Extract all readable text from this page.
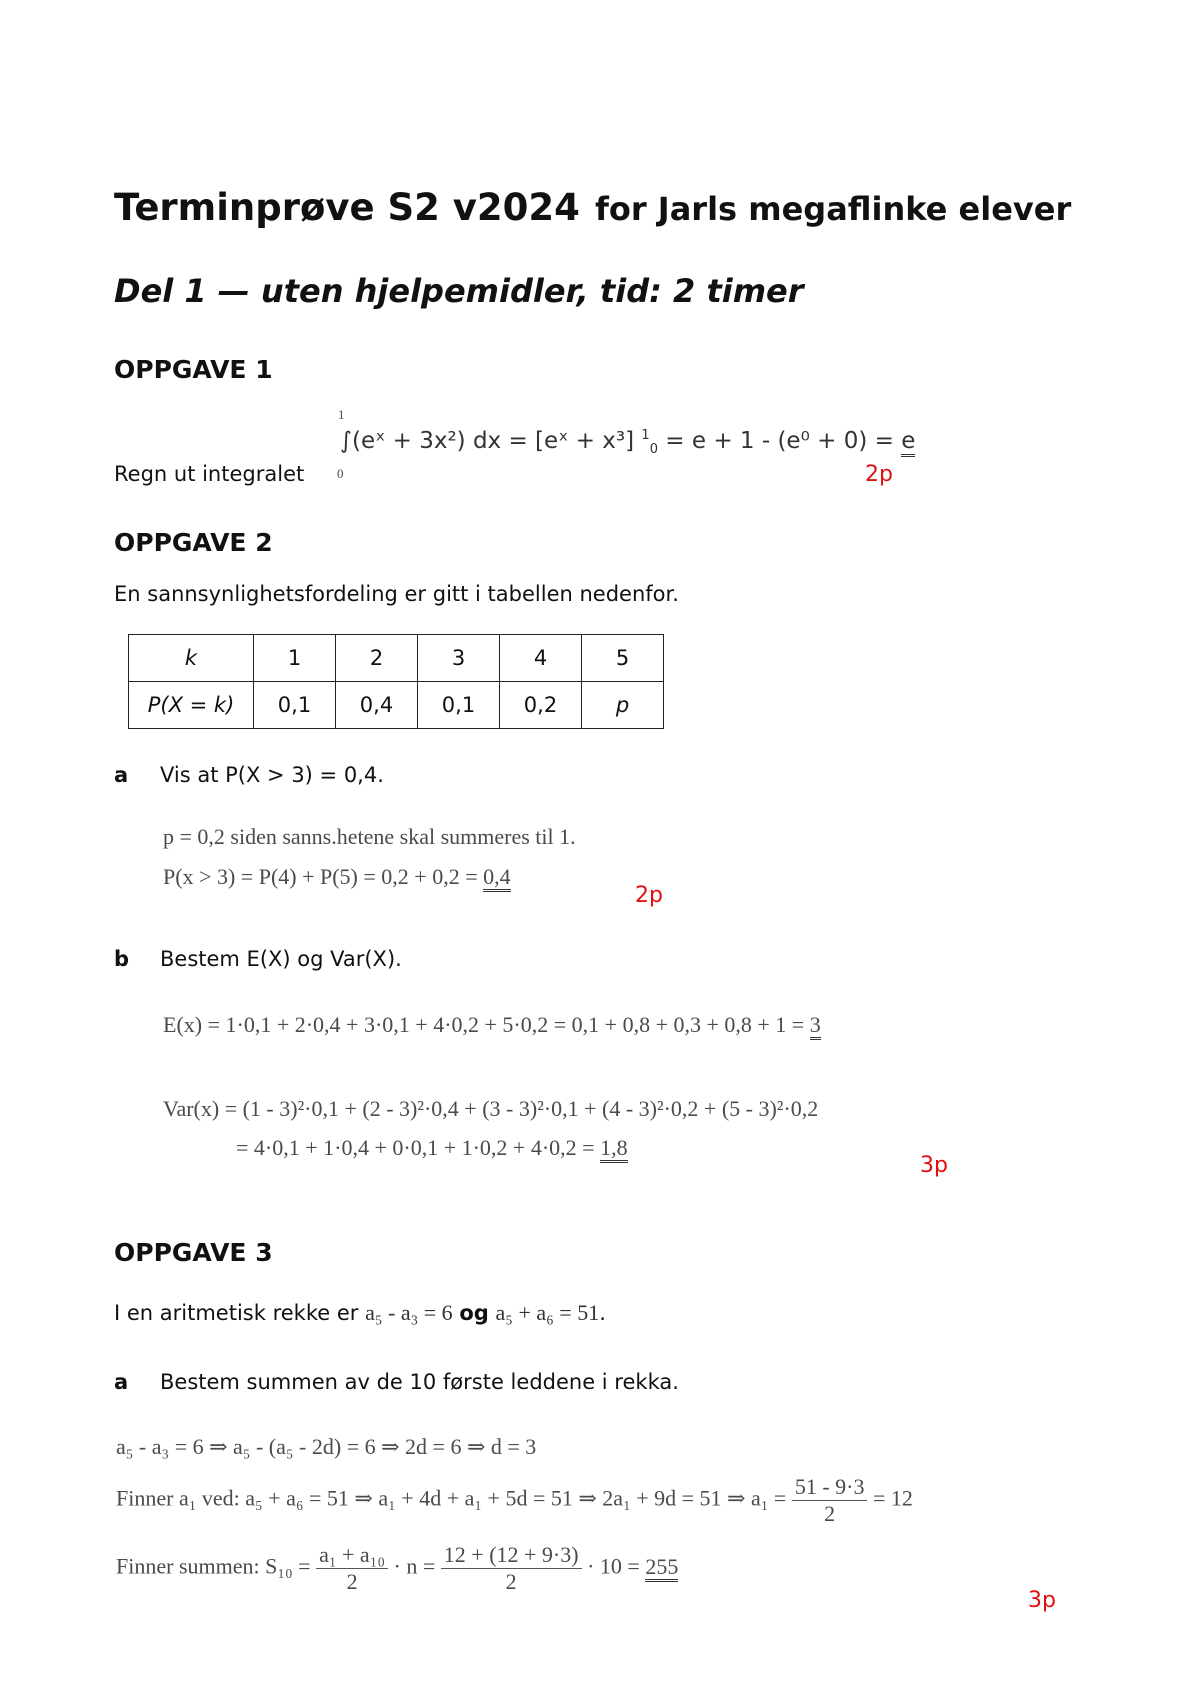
Terminprøve S2 v2024 for Jarls megaflinke elever
Del 1 — uten hjelpemidler, tid: 2 timer
OPPGAVE 1
Regn ut integralet
1
0
∫(eˣ + 3x²) dx = [eˣ + x³] $^1_0$ = e + 1 - (e⁰ + 0) = e
2p
OPPGAVE 2
En sannsynlighetsfordeling er gitt i tabellen nedenfor.
k	1	2	3	4	5
P(X = k)	0,1	0,4	0,1	0,2	p
a Vis at P(X > 3) = 0,4.
p = 0,2 siden sanns.hetene skal summeres til 1.
P(x > 3) = P(4) + P(5) = 0,2 + 0,2 = 0,4
2p
b Bestem E(X) og Var(X).
E(x) = 1·0,1 + 2·0,4 + 3·0,1 + 4·0,2 + 5·0,2 = 0,1 + 0,8 + 0,3 + 0,8 + 1 = 3
Var(x) = (1 - 3)²·0,1 + (2 - 3)²·0,4 + (3 - 3)²·0,1 + (4 - 3)²·0,2 + (5 - 3)²·0,2
= 4·0,1 + 1·0,4 + 0·0,1 + 1·0,2 + 4·0,2 = 1,8
3p
OPPGAVE 3
I en aritmetisk rekke er a₅ - a₃ = 6 og a₅ + a₆ = 51.
a Bestem summen av de 10 første leddene i rekka.
a₅ - a₃ = 6 ⇒ a₅ - (a₅ - 2d) = 6 ⇒ 2d = 6 ⇒ d = 3
Finner a₁ ved: a₅ + a₆ = 51 ⇒ a₁ + 4d + a₁ + 5d = 51 ⇒ 2a₁ + 9d = 51 ⇒ $a_1 = \frac{51 - 9\cdot 3}{2} = 12$
Finner summen: $S_{10} = \frac{\text{a₁ + a₁₀}}{2} \cdot n = \frac{12 + (12 + 9\cdot 3)}{2} \cdot 10 = 255$
3p
